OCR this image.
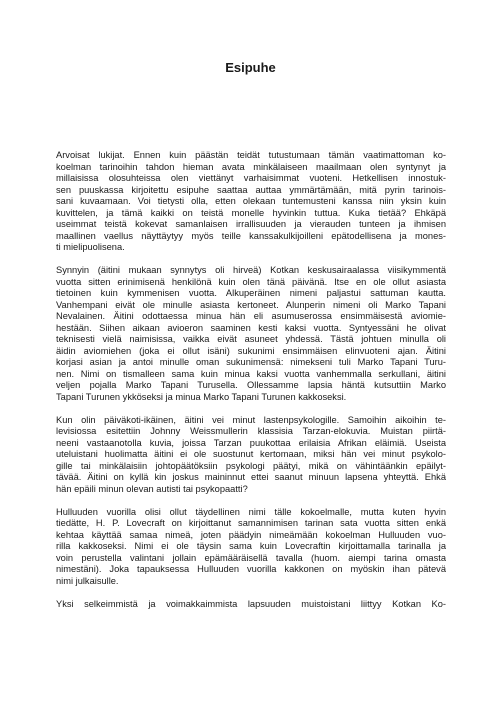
Esipuhe
Arvoisat lukijat. Ennen kuin päästän teidät tutustumaan tämän vaatimattoman ko-
koelman tarinoihin tahdon hieman avata minkälaiseen maailmaan olen syntynyt ja
millaisissa olosuhteissa olen viettänyt varhaisimmat vuoteni. Hetkellisen innostuk-
sen puuskassa kirjoitettu esipuhe saattaa auttaa ymmärtämään, mitä pyrin tarinois-
sani kuvaamaan. Voi tietysti olla, etten olekaan tuntemusteni kanssa niin yksin kuin
kuvittelen, ja tämä kaikki on teistä monelle hyvinkin tuttua. Kuka tietää? Ehkäpä
useimmat teistä kokevat samanlaisen irrallisuuden ja vierauden tunteen ja ihmisen
maallinen vaellus näyttäytyy myös teille kanssakulkijoilleni epätodellisena ja mones-
ti mielipuolisena.
Synnyin (äitini mukaan synnytys oli hirveä) Kotkan keskusairaalassa viisikymmentä
vuotta sitten erinimisenä henkilönä kuin olen tänä päivänä. Itse en ole ollut asiasta
tietoinen kuin kymmenisen vuotta. Alkuperäinen nimeni paljastui sattuman kautta.
Vanhempani eivät ole minulle asiasta kertoneet. Alunperin nimeni oli Marko Tapani
Nevalainen. Äitini odottaessa minua hän eli asumuserossa ensimmäisestä aviomie-
hestään. Siihen aikaan avioeron saaminen kesti kaksi vuotta. Syntyessäni he olivat
teknisesti vielä naimisissa, vaikka eivät asuneet yhdessä. Tästä johtuen minulla oli
äidin aviomiehen (joka ei ollut isäni) sukunimi ensimmäisen elinvuoteni ajan. Äitini
korjasi asian ja antoi minulle oman sukunimensä: nimekseni tuli Marko Tapani Turu-
nen. Nimi on tismalleen sama kuin minua kaksi vuotta vanhemmalla serkullani, äitini
veljen pojalla Marko Tapani Turusella. Ollessamme lapsia häntä kutsuttiin Marko
Tapani Turunen ykköseksi ja minua Marko Tapani Turunen kakkoseksi.
Kun olin päiväkoti-ikäinen, äitini vei minut lastenpsykologille. Samoihin aikoihin te-
levisiossa esitettiin Johnny Weissmullerin klassisia Tarzan-elokuvia. Muistan piirtä-
neeni vastaanotolla kuvia, joissa Tarzan puukottaa erilaisia Afrikan eläimiä. Useista
uteluistani huolimatta äitini ei ole suostunut kertomaan, miksi hän vei minut psykolo-
gille tai minkälaisiin johtopäätöksiin psykologi päätyi, mikä on vähintäänkin epäilyt-
tävää. Äitini on kyllä kin joskus maininnut ettei saanut minuun lapsena yhteyttä. Ehkä
hän epäili minun olevan autisti tai psykopaatti?
Hulluuden vuorilla olisi ollut täydellinen nimi tälle kokoelmalle, mutta kuten hyvin
tiedätte, H. P. Lovecraft on kirjoittanut samannimisen tarinan sata vuotta sitten enkä
kehtaa käyttää samaa nimeä, joten päädyin nimeämään kokoelman Hulluuden vuo-
rilla kakkoseksi. Nimi ei ole täysin sama kuin Lovecraftin kirjoittamalla tarinalla ja
voin perustella valintani jollain epämääräisellä tavalla (huom. aiempi tarina omasta
nimestäni). Joka tapauksessa Hulluuden vuorilla kakkonen on myöskin ihan pätevä
nimi julkaisulle.
Yksi selkeimmistä ja voimakkaimmista lapsuuden muistoistani liittyy Kotkan Ko-
